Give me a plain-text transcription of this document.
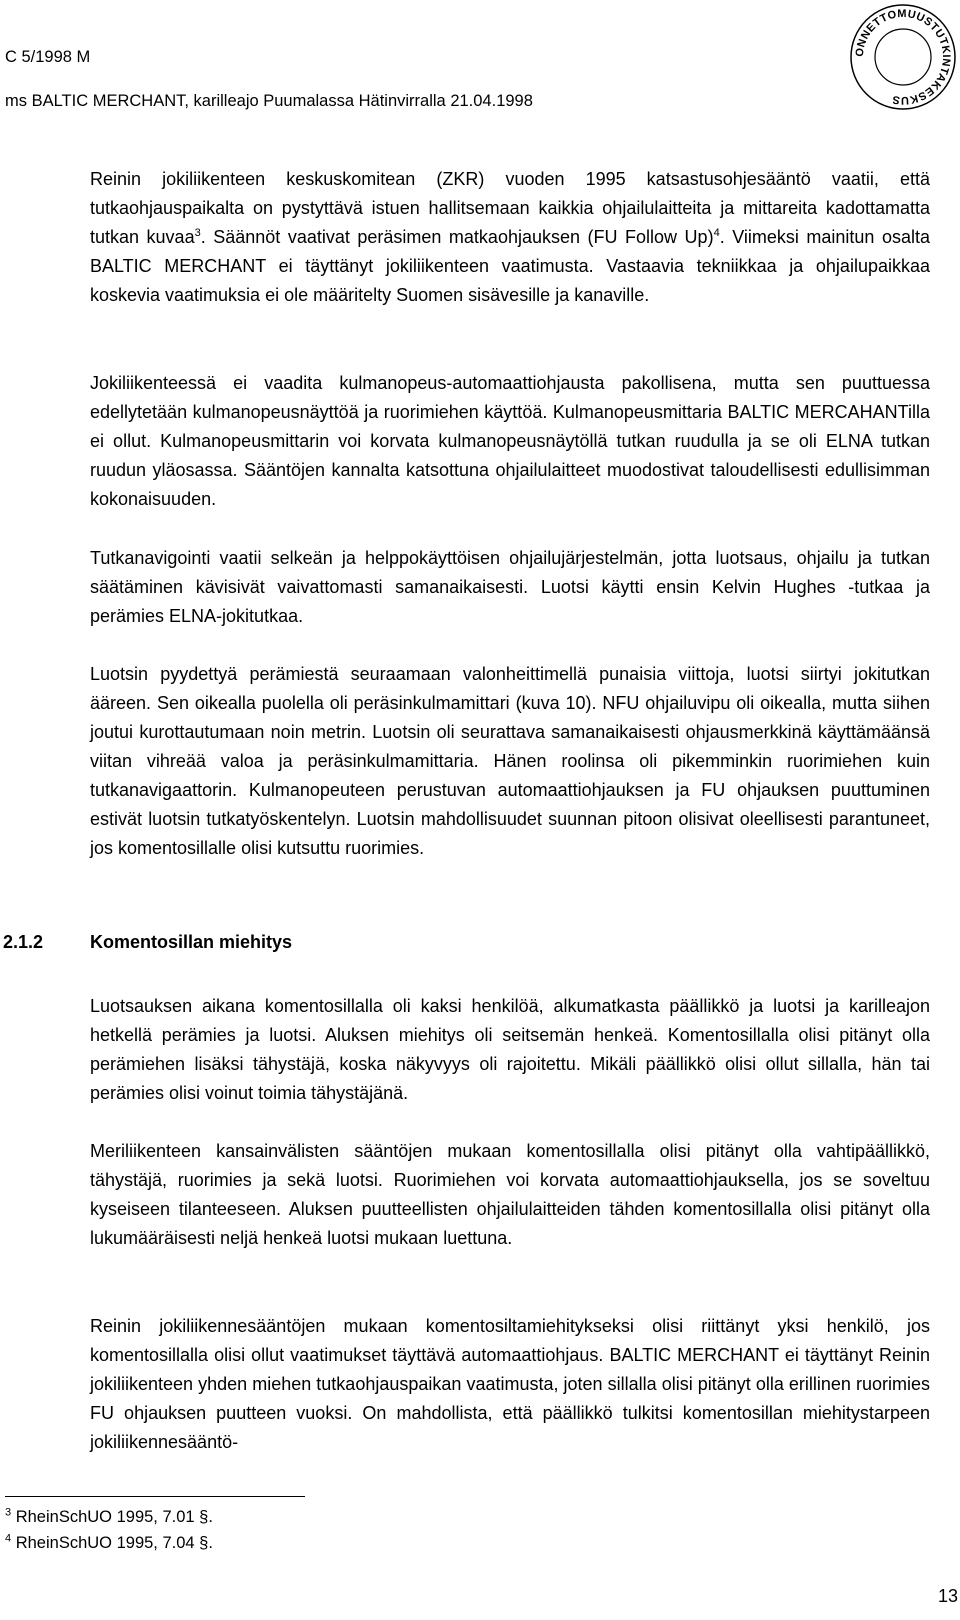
C 5/1998 M
ms BALTIC MERCHANT, karilleajo Puumalassa Hätinvirralla 21.04.1998
ONNETTOMUUSTUTKINTAKESKUS

Reinin jokiliikenteen keskuskomitean (ZKR) vuoden 1995 katsastusohjesääntö vaatii, että tutkaohjauspaikalta on pystyttävä istuen hallitsemaan kaikkia ohjailulaitteita ja mittareita kadottamatta tutkan kuvaa$^3$. Säännöt vaativat peräsimen matkaohjauksen (FU Follow Up)$^4$. Viimeksi mainitun osalta BALTIC MERCHANT ei täyttänyt jokiliikenteen vaatimusta. Vastaavia tekniikkaa ja ohjailupaikkaa koskevia vaatimuksia ei ole määritelty Suomen sisävesille ja kanaville.

Jokiliikenteessä ei vaadita kulmanopeus-automaattiohjausta pakollisena, mutta sen puuttuessa edellytetään kulmanopeusnäyttöä ja ruorimiehen käyttöä. Kulmanopeusmittaria BALTIC MERCAHANTilla ei ollut. Kulmanopeusmittarin voi korvata kulmanopeusnäytöllä tutkan ruudulla ja se oli ELNA tutkan ruudun yläosassa. Sääntöjen kannalta katsottuna ohjailulaitteet muodostivat taloudellisesti edullisimman kokonaisuuden.

Tutkanavigointi vaatii selkeän ja helppokäyttöisen ohjailujärjestelmän, jotta luotsaus, ohjailu ja tutkan säätäminen kävisivät vaivattomasti samanaikaisesti. Luotsi käytti ensin Kelvin Hughes -tutkaa ja perämies ELNA-jokitutkaa.

Luotsin pyydettyä perämiestä seuraamaan valonheittimellä punaisia viittoja, luotsi siirtyi jokitutkan ääreen. Sen oikealla puolella oli peräsinkulmamittari (kuva 10). NFU ohjailuvipu oli oikealla, mutta siihen joutui kurottautumaan noin metrin. Luotsin oli seurattava samanaikaisesti ohjausmerkkinä käyttämäänsä viitan vihreää valoa ja peräsinkulmamittaria. Hänen roolinsa oli pikemminkin ruorimiehen kuin tutkanavigaattorin. Kulmanopeuteen perustuvan automaattiohjauksen ja FU ohjauksen puuttuminen estivät luotsin tutkatyöskentelyn. Luotsin mahdollisuudet suunnan pitoon olisivat oleellisesti parantuneet, jos komentosillalle olisi kutsuttu ruorimies.

2.1.2	Komentosillan miehitys

Luotsauksen aikana komentosillalla oli kaksi henkilöä, alkumatkasta päällikkö ja luotsi ja karilleajon hetkellä perämies ja luotsi. Aluksen miehitys oli seitsemän henkeä. Komentosillalla olisi pitänyt olla perämiehen lisäksi tähystäjä, koska näkyvyys oli rajoitettu. Mikäli päällikkö olisi ollut sillalla, hän tai perämies olisi voinut toimia tähystäjänä.

Meriliikenteen kansainvälisten sääntöjen mukaan komentosillalla olisi pitänyt olla vahtipäällikkö, tähystäjä, ruorimies ja sekä luotsi. Ruorimiehen voi korvata automaattiohjauksella, jos se soveltuu kyseiseen tilanteeseen. Aluksen puutteellisten ohjailulaitteiden tähden komentosillalla olisi pitänyt olla lukumääräisesti neljä henkeä luotsi mukaan luettuna.

Reinin jokiliikennesääntöjen mukaan komentosiltamiehitykseksi olisi riittänyt yksi henkilö, jos komentosillalla olisi ollut vaatimukset täyttävä automaattiohjaus. BALTIC MERCHANT ei täyttänyt Reinin jokiliikenteen yhden miehen tutkaohjauspaikan vaatimusta, joten sillalla olisi pitänyt olla erillinen ruorimies FU ohjauksen puutteen vuoksi. On mahdollista, että päällikkö tulkitsi komentosillan miehitystarpeen jokiliikennesääntö-

$^3$ RheinSchUO 1995, 7.01 §.
$^4$ RheinSchUO 1995, 7.04 §.
13
